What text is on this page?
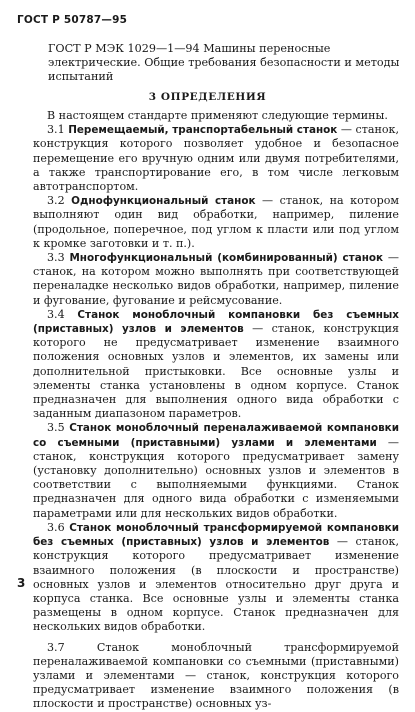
ГОСТ Р 50787—95
ГОСТ Р МЭК 1029—1—94 Машины переносные электрические. Общие требования безопасности и методы испытаний
3 ОПРЕДЕЛЕНИЯ

В настоящем стандарте применяют следующие термины.

3.1 Перемещаемый, транспортабельный станок — станок, конструкция которого позволяет удобное и безопасное перемещение его вручную одним или двумя потребителями, а также транспортирование его, в том числе легковым автотранспортом.

3.2 Однофункциональный станок — станок, на котором выполняют один вид обработки, например, пиление (продольное, поперечное, под углом к пласти или под углом к кромке заготовки и т. п.).

3.3 Многофункциональный (комбинированный) станок — станок, на котором можно выполнять при соответствующей переналадке несколько видов обработки, например, пиление и фугование, фугование и рейсмусование.

3.4 Станок моноблочный компановки без съемных (приставных) узлов и элементов — станок, конструкция которого не предусматривает изменение взаимного положения основных узлов и элементов, их замены или дополнительной пристыковки. Все основные узлы и элементы станка установлены в одном корпусе. Станок предназначен для выполнения одного вида обработки с заданным диапазоном параметров.

3.5 Станок моноблочный переналаживаемой компановки со съемными (приставными) узлами и элементами — станок, конструкция которого предусматривает замену (установку дополнительно) основных узлов и элементов в соответствии с выполняемыми функциями. Станок предназначен для одного вида обработки с изменяемыми параметрами или для нескольких видов обработки.

3.6 Станок моноблочный трансформируемой компановки без съемных (приставных) узлов и элементов — станок, конструкция которого предусматривает изменение взаимного положения (в плоскости и пространстве) основных узлов и элементов относительно друг друга и корпуса станка. Все основные узлы и элементы станка размещены в одном корпусе. Станок предназначен для нескольких видов обработки.

3.7	Станок моноблочный трансформируемой переналаживаемой компановки со съемными (приставными) узлами и элементами — станок, конструкция которого предусматривает изменение взаимного положения (в плоскости и пространстве) основных уз-

3
